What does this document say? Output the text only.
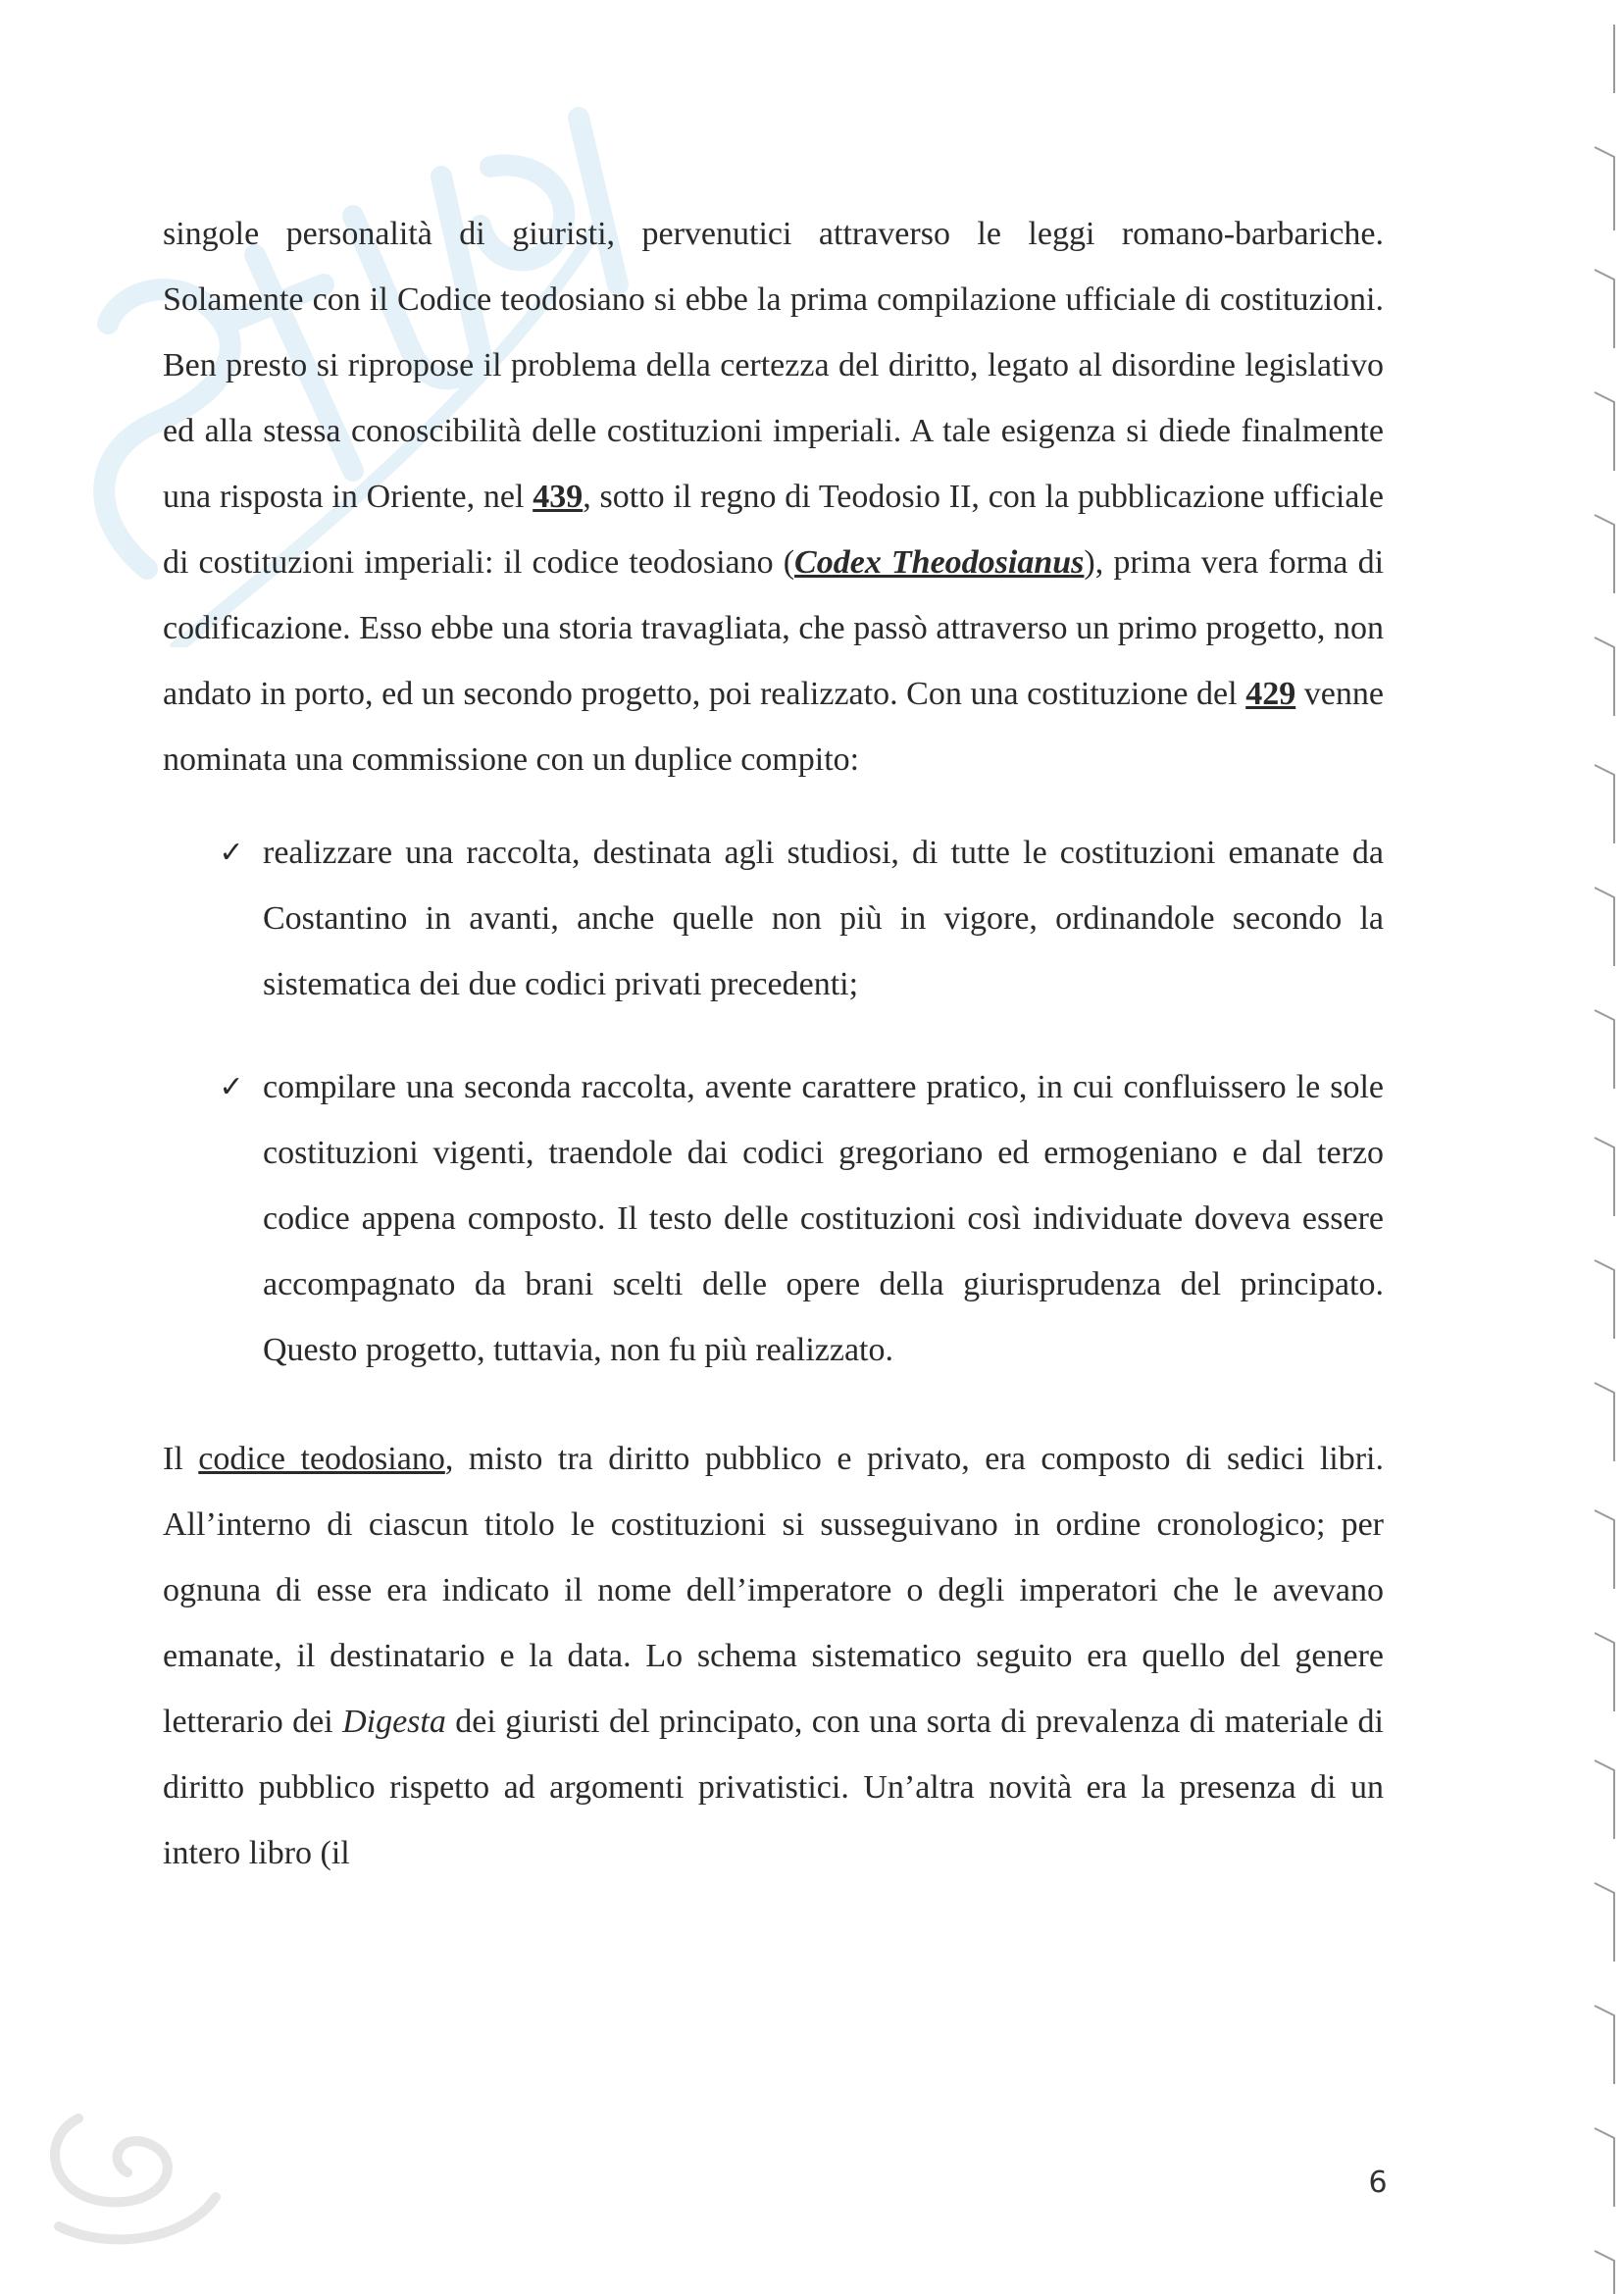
singole personalità di giuristi, pervenutici attraverso le leggi romano-barbariche. Solamente con il Codice teodosiano si ebbe la prima compilazione ufficiale di costituzioni. Ben presto si ripropose il problema della certezza del diritto, legato al disordine legislativo ed alla stessa conoscibilità delle costituzioni imperiali. A tale esigenza si diede finalmente una risposta in Oriente, nel 439, sotto il regno di Teodosio II, con la pubblicazione ufficiale di costituzioni imperiali: il codice teodosiano (Codex Theodosianus), prima vera forma di codificazione. Esso ebbe una storia travagliata, che passò attraverso un primo progetto, non andato in porto, ed un secondo progetto, poi realizzato. Con una costituzione del 429 venne nominata una commissione con un duplice compito:

✓ realizzare una raccolta, destinata agli studiosi, di tutte le costituzioni emanate da Costantino in avanti, anche quelle non più in vigore, ordinandole secondo la sistematica dei due codici privati precedenti;
✓ compilare una seconda raccolta, avente carattere pratico, in cui confluissero le sole costituzioni vigenti, traendole dai codici gregoriano ed ermogeniano e dal terzo codice appena composto. Il testo delle costituzioni così individuate doveva essere accompagnato da brani scelti delle opere della giurisprudenza del principato. Questo progetto, tuttavia, non fu più realizzato.

Il codice teodosiano, misto tra diritto pubblico e privato, era composto di sedici libri. All’interno di ciascun titolo le costituzioni si susseguivano in ordine cronologico; per ognuna di esse era indicato il nome dell’imperatore o degli imperatori che le avevano emanate, il destinatario e la data. Lo schema sistematico seguito era quello del genere letterario dei Digesta dei giuristi del principato, con una sorta di prevalenza di materiale di diritto pubblico rispetto ad argomenti privatistici. Un’altra novità era la presenza di un intero libro (il

6
